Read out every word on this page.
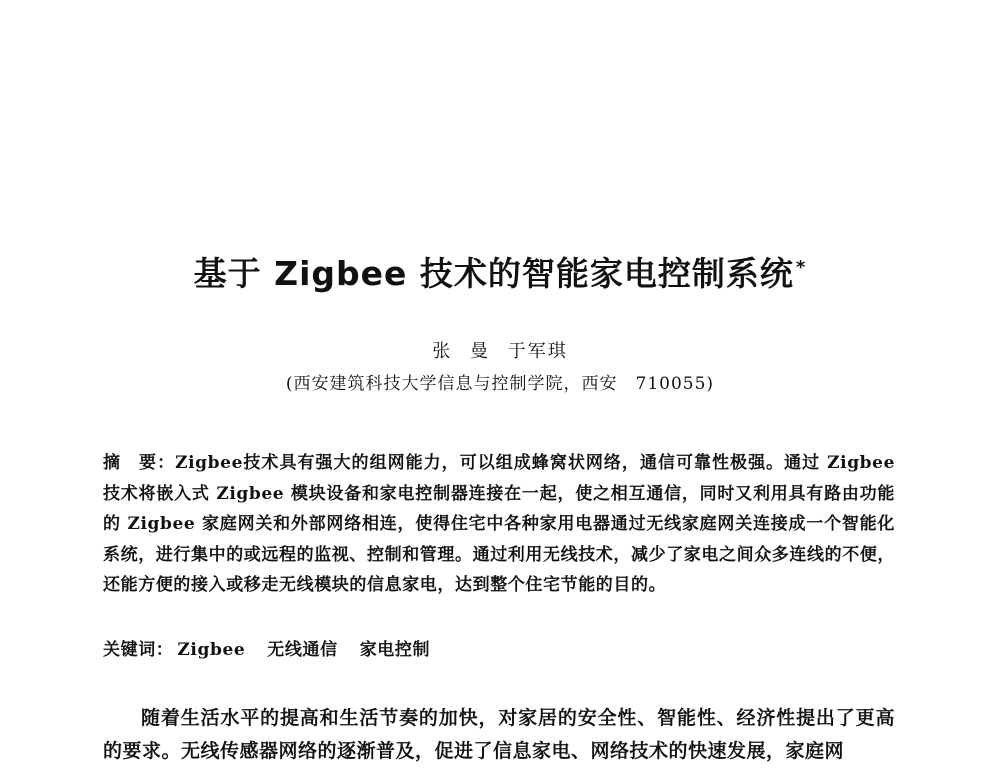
基于 Zigbee 技术的智能家电控制系统 *
张 曼 于军琪
(西安建筑科技大学信息与控制学院，西安　710055)
摘　要：Zigbee技术具有强大的组网能力，可以组成蜂窝状网络，通信可靠性极强。通过 Zigbee 技术将嵌入式 Zigbee 模块设备和家电控制器连接在一起，使之相互通信，同时又利用具有路由功能的 Zigbee 家庭网关和外部网络相连，使得住宅中各种家用电器通过无线家庭网关连接成一个智能化系统，进行集中的或远程的监视、控制和管理。通过利用无线技术，减少了家电之间众多连线的不便，还能方便的接入或移走无线模块的信息家电，达到整个住宅节能的目的。
关键词： Zigbee 无线通信 家电控制
随着生活水平的提高和生活节奏的加快，对家居的安全性、智能性、经济性提出了更高的要求。无线传感器网络的逐渐普及，促进了信息家电、网络技术的快速发展，家庭网
